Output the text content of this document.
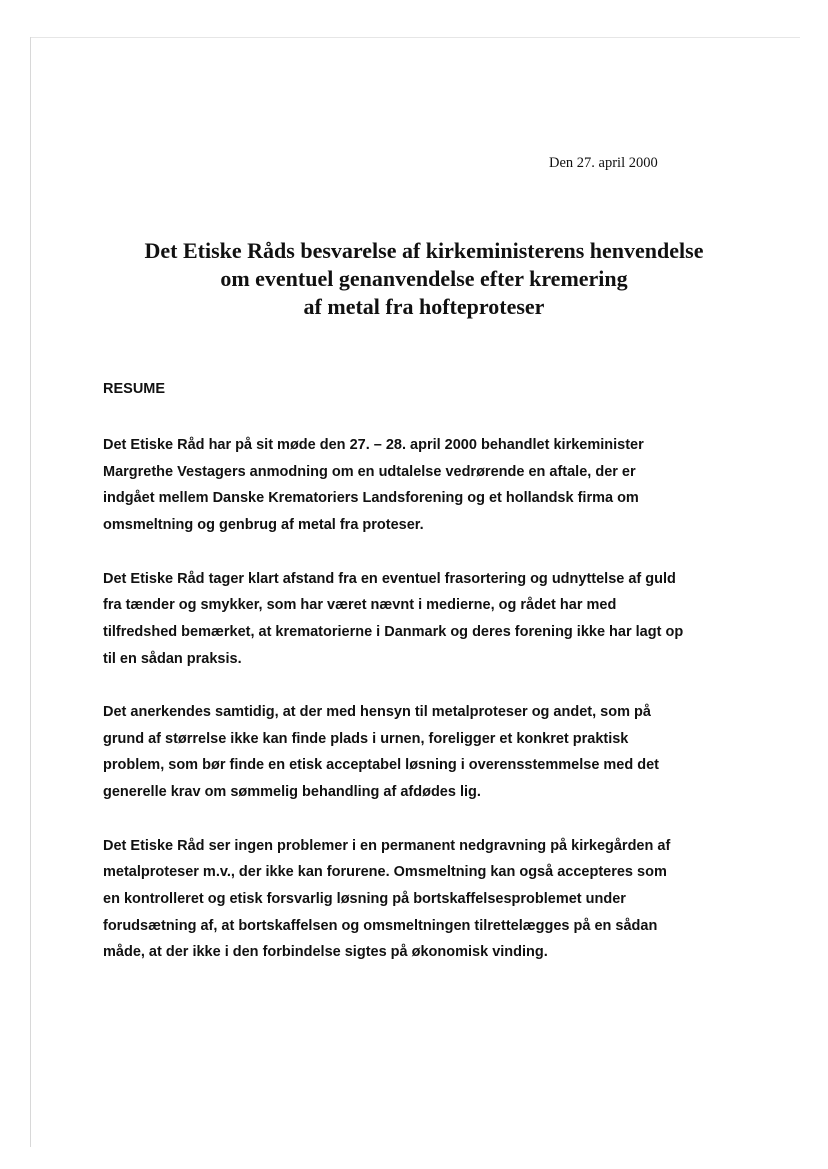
Den 27. april 2000
Det Etiske Råds besvarelse af kirkeministerens henvendelse
om eventuel genanvendelse efter kremering
af metal fra hofteproteser
RESUME
Det Etiske Råd har på sit møde den 27. – 28. april 2000 behandlet kirkeminister
Margrethe Vestagers anmodning om en udtalelse vedrørende en aftale, der er
indgået mellem Danske Krematoriers Landsforening og et hollandsk firma om
omsmeltning og genbrug af metal fra proteser.
Det Etiske Råd tager klart afstand fra en eventuel frasortering og udnyttelse af guld
fra tænder og smykker, som har været nævnt i medierne, og rådet har med
tilfredshed bemærket, at krematorierne i Danmark og deres forening ikke har lagt op
til en sådan praksis.
Det anerkendes samtidig, at der med hensyn til metalproteser og andet, som på
grund af størrelse ikke kan finde plads i urnen, foreligger et konkret praktisk
problem, som bør finde en etisk acceptabel løsning i overensstemmelse med det
generelle krav om sømmelig behandling af afdødes lig.
Det Etiske Råd ser ingen problemer i en permanent nedgravning på kirkegården af
metalproteser m.v., der ikke kan forurene. Omsmeltning kan også accepteres som
en kontrolleret og etisk forsvarlig løsning på bortskaffelsesproblemet under
forudsætning af, at bortskaffelsen og omsmeltningen tilrettelægges på en sådan
måde, at der ikke i den forbindelse sigtes på økonomisk vinding.
